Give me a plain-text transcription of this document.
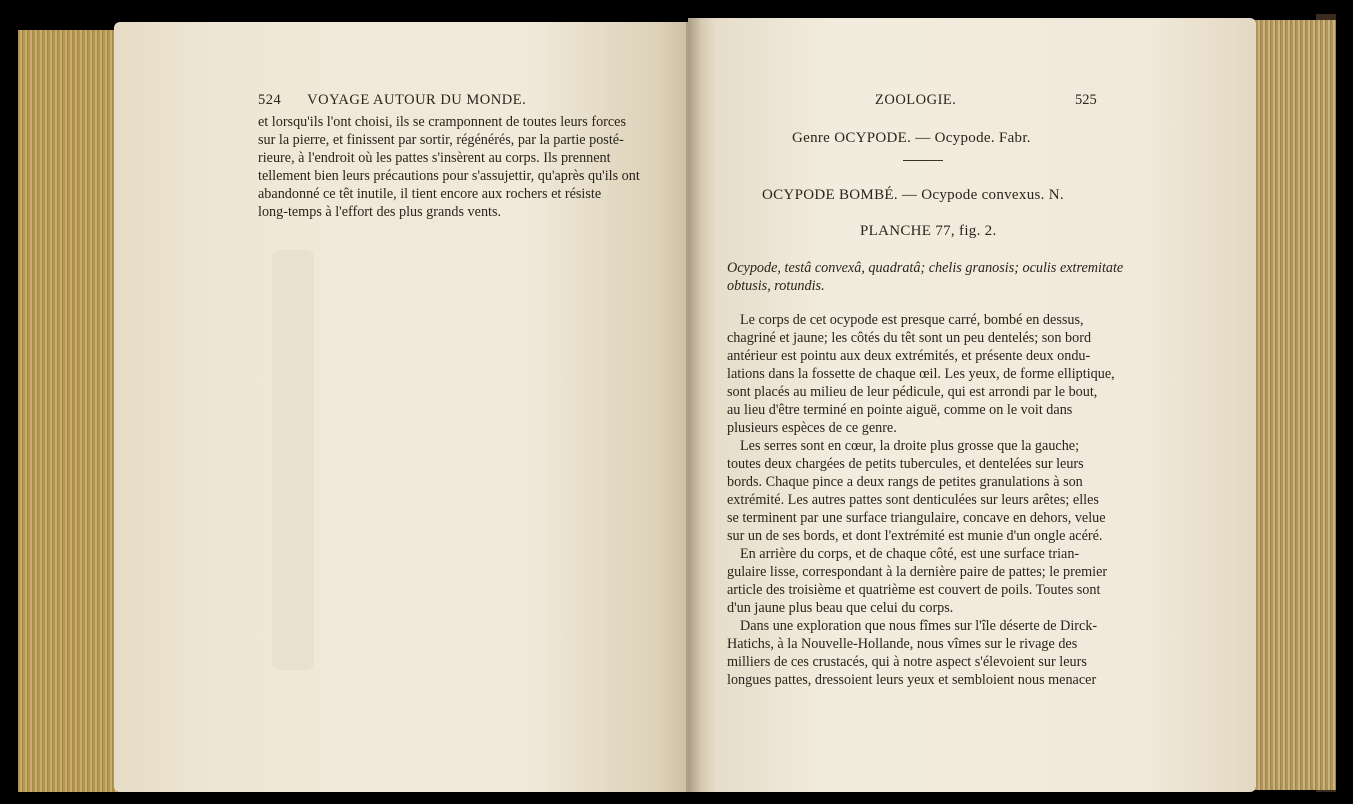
524 VOYAGE AUTOUR DU MONDE.
et lorsqu'ils l'ont choisi, ils se cramponnent de toutes leurs forces
sur la pierre, et finissent par sortir, régénérés, par la partie posté-
rieure, à l'endroit où les pattes s'insèrent au corps. Ils prennent
tellement bien leurs précautions pour s'assujettir, qu'après qu'ils ont
abandonné ce têt inutile, il tient encore aux rochers et résiste
long-temps à l'effort des plus grands vents.
ZOOLOGIE.	525
Genre OCYPODE. — Ocypode. Fabr.
OCYPODE BOMBÉ. — Ocypode convexus. N.
PLANCHE 77, fig. 2.
Ocypode, testâ convexâ, quadratâ; chelis granosis; oculis extremitate
obtusis, rotundis.
Le corps de cet ocypode est presque carré, bombé en dessus,
chagriné et jaune; les côtés du têt sont un peu dentelés; son bord
antérieur est pointu aux deux extrémités, et présente deux ondu-
lations dans la fossette de chaque œil. Les yeux, de forme elliptique,
sont placés au milieu de leur pédicule, qui est arrondi par le bout,
au lieu d'être terminé en pointe aiguë, comme on le voit dans
plusieurs espèces de ce genre.
Les serres sont en cœur, la droite plus grosse que la gauche;
toutes deux chargées de petits tubercules, et dentelées sur leurs
bords. Chaque pince a deux rangs de petites granulations à son
extrémité. Les autres pattes sont denticulées sur leurs arêtes; elles
se terminent par une surface triangulaire, concave en dehors, velue
sur un de ses bords, et dont l'extrémité est munie d'un ongle acéré.
En arrière du corps, et de chaque côté, est une surface trian-
gulaire lisse, correspondant à la dernière paire de pattes; le premier
article des troisième et quatrième est couvert de poils. Toutes sont
d'un jaune plus beau que celui du corps.
Dans une exploration que nous fîmes sur l'île déserte de Dirck-
Hatichs, à la Nouvelle-Hollande, nous vîmes sur le rivage des
milliers de ces crustacés, qui à notre aspect s'élevoient sur leurs
longues pattes, dressoient leurs yeux et sembloient nous menacer
